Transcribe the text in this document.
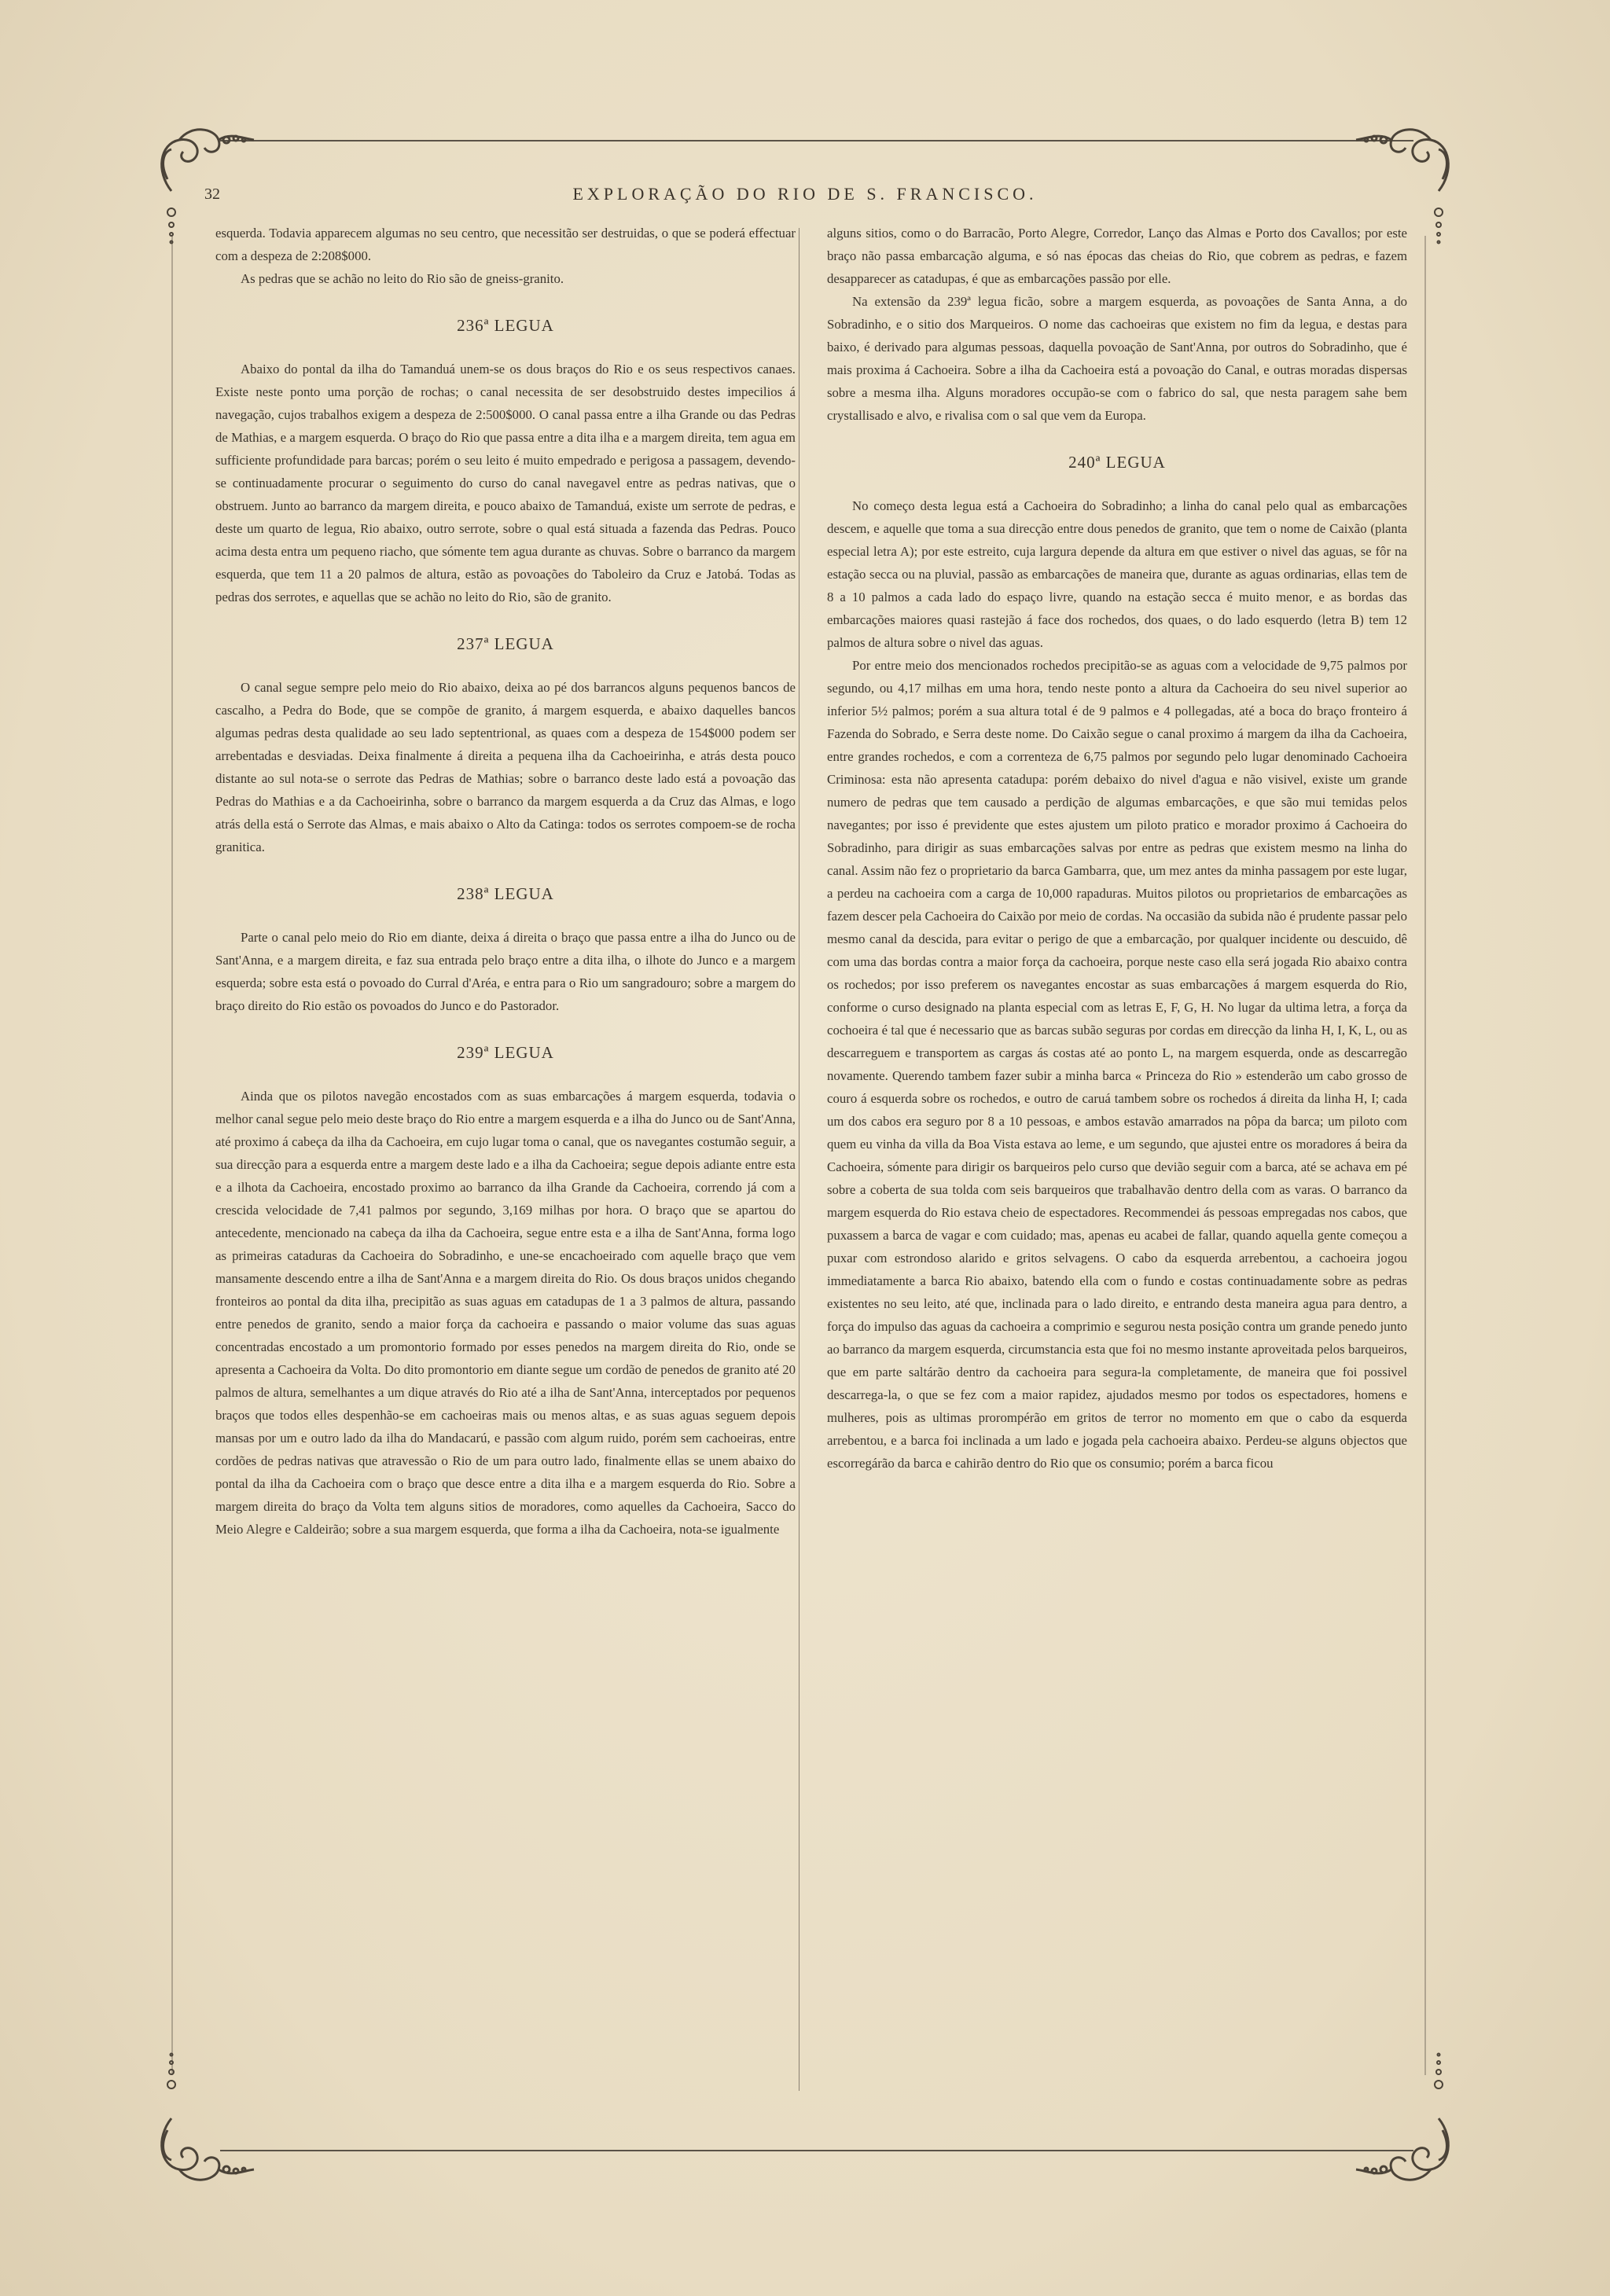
32	EXPLORAÇÃO DO RIO DE S. FRANCISCO.

esquerda. Todavia apparecem algumas no seu centro, que necessitão ser destruidas, o que se poderá effectuar com a despeza de 2:208$000.

As pedras que se achão no leito do Rio são de gneiss-granito.

236ª LEGUA

Abaixo do pontal da ilha do Tamanduá unem-se os dous braços do Rio e os seus respectivos canaes. Existe neste ponto uma porção de rochas; o canal necessita de ser desobstruido destes impecilios á navegação, cujos trabalhos exigem a despeza de 2:500$000. O canal passa entre a ilha Grande ou das Pedras de Mathias, e a margem esquerda. O braço do Rio que passa entre a dita ilha e a margem direita, tem agua em sufficiente profundidade para barcas; porém o seu leito é muito empedrado e perigosa a passagem, devendo-se continuadamente procurar o seguimento do curso do canal navegavel entre as pedras nativas, que o obstruem. Junto ao barranco da margem direita, e pouco abaixo de Tamanduá, existe um serrote de pedras, e deste um quarto de legua, Rio abaixo, outro serrote, sobre o qual está situada a fazenda das Pedras. Pouco acima desta entra um pequeno riacho, que sómente tem agua durante as chuvas. Sobre o barranco da margem esquerda, que tem 11 a 20 palmos de altura, estão as povoações do Taboleiro da Cruz e Jatobá. Todas as pedras dos serrotes, e aquellas que se achão no leito do Rio, são de granito.

237ª LEGUA

O canal segue sempre pelo meio do Rio abaixo, deixa ao pé dos barrancos alguns pequenos bancos de cascalho, a Pedra do Bode, que se compõe de granito, á margem esquerda, e abaixo daquelles bancos algumas pedras desta qualidade ao seu lado septentrional, as quaes com a despeza de 154$000 podem ser arrebentadas e desviadas. Deixa finalmente á direita a pequena ilha da Cachoeirinha, e atrás desta pouco distante ao sul nota-se o serrote das Pedras de Mathias; sobre o barranco deste lado está a povoação das Pedras do Mathias e a da Cachoeirinha, sobre o barranco da margem esquerda a da Cruz das Almas, e logo atrás della está o Serrote das Almas, e mais abaixo o Alto da Catinga: todos os serrotes compoem-se de rocha granitica.

238ª LEGUA

Parte o canal pelo meio do Rio em diante, deixa á direita o braço que passa entre a ilha do Junco ou de Sant'Anna, e a margem direita, e faz sua entrada pelo braço entre a dita ilha, o ilhote do Junco e a margem esquerda; sobre esta está o povoado do Curral d'Aréa, e entra para o Rio um sangradouro; sobre a margem do braço direito do Rio estão os povoados do Junco e do Pastorador.

239ª LEGUA

Ainda que os pilotos navegão encostados com as suas embarcações á margem esquerda, todavia o melhor canal segue pelo meio deste braço do Rio entre a margem esquerda e a ilha do Junco ou de Sant'Anna, até proximo á cabeça da ilha da Cachoeira, em cujo lugar toma o canal, que os navegantes costumão seguir, a sua direcção para a esquerda entre a margem deste lado e a ilha da Cachoeira; segue depois adiante entre esta e a ilhota da Cachoeira, encostado proximo ao barranco da ilha Grande da Cachoeira, correndo já com a crescida velocidade de 7,41 palmos por segundo, 3,169 milhas por hora. O braço que se apartou do antecedente, mencionado na cabeça da ilha da Cachoeira, segue entre esta e a ilha de Sant'Anna, forma logo as primeiras cataduras da Cachoeira do Sobradinho, e une-se encachoeirado com aquelle braço que vem mansamente descendo entre a ilha de Sant'Anna e a margem direita do Rio. Os dous braços unidos chegando fronteiros ao pontal da dita ilha, precipitão as suas aguas em catadupas de 1 a 3 palmos de altura, passando entre penedos de granito, sendo a maior força da cachoeira e passando o maior volume das suas aguas concentradas encostado a um promontorio formado por esses penedos na margem direita do Rio, onde se apresenta a Cachoeira da Volta. Do dito promontorio em diante segue um cordão de penedos de granito até 20 palmos de altura, semelhantes a um dique através do Rio até a ilha de Sant'Anna, interceptados por pequenos braços que todos elles despenhão-se em cachoeiras mais ou menos altas, e as suas aguas seguem depois mansas por um e outro lado da ilha do Mandacarú, e passão com algum ruido, porém sem cachoeiras, entre cordões de pedras nativas que atravessão o Rio de um para outro lado, finalmente ellas se unem abaixo do pontal da ilha da Cachoeira com o braço que desce entre a dita ilha e a margem esquerda do Rio. Sobre a margem direita do braço da Volta tem alguns sitios de moradores, como aquelles da Cachoeira, Sacco do Meio Alegre e Caldeirão; sobre a sua margem esquerda, que forma a ilha da Cachoeira, nota-se igualmente

alguns sitios, como o do Barracão, Porto Alegre, Corredor, Lanço das Almas e Porto dos Cavallos; por este braço não passa embarcação alguma, e só nas épocas das cheias do Rio, que cobrem as pedras, e fazem desapparecer as catadupas, é que as embarcações passão por elle.

Na extensão da 239ª legua ficão, sobre a margem esquerda, as povoações de Santa Anna, a do Sobradinho, e o sitio dos Marqueiros. O nome das cachoeiras que existem no fim da legua, e destas para baixo, é derivado para algumas pessoas, daquella povoação de Sant'Anna, por outros do Sobradinho, que é mais proxima á Cachoeira. Sobre a ilha da Cachoeira está a povoação do Canal, e outras moradas dispersas sobre a mesma ilha. Alguns moradores occupão-se com o fabrico do sal, que nesta paragem sahe bem crystallisado e alvo, e rivalisa com o sal que vem da Europa.

240ª LEGUA

No começo desta legua está a Cachoeira do Sobradinho; a linha do canal pelo qual as embarcações descem, e aquelle que toma a sua direcção entre dous penedos de granito, que tem o nome de Caixão (planta especial letra A); por este estreito, cuja largura depende da altura em que estiver o nivel das aguas, se fôr na estação secca ou na pluvial, passão as embarcações de maneira que, durante as aguas ordinarias, ellas tem de 8 a 10 palmos a cada lado do espaço livre, quando na estação secca é muito menor, e as bordas das embarcações maiores quasi rastejão á face dos rochedos, dos quaes, o do lado esquerdo (letra B) tem 12 palmos de altura sobre o nivel das aguas.

Por entre meio dos mencionados rochedos precipitão-se as aguas com a velocidade de 9,75 palmos por segundo, ou 4,17 milhas em uma hora, tendo neste ponto a altura da Cachoeira do seu nivel superior ao inferior 5½ palmos; porém a sua altura total é de 9 palmos e 4 pollegadas, até a boca do braço fronteiro á Fazenda do Sobrado, e Serra deste nome. Do Caixão segue o canal proximo á margem da ilha da Cachoeira, entre grandes rochedos, e com a correnteza de 6,75 palmos por segundo pelo lugar denominado Cachoeira Criminosa: esta não apresenta catadupa: porém debaixo do nivel d'agua e não visivel, existe um grande numero de pedras que tem causado a perdição de algumas embarcações, e que são mui temidas pelos navegantes; por isso é previdente que estes ajustem um piloto pratico e morador proximo á Cachoeira do Sobradinho, para dirigir as suas embarcações salvas por entre as pedras que existem mesmo na linha do canal. Assim não fez o proprietario da barca Gambarra, que, um mez antes da minha passagem por este lugar, a perdeu na cachoeira com a carga de 10,000 rapaduras. Muitos pilotos ou proprietarios de embarcações as fazem descer pela Cachoeira do Caixão por meio de cordas. Na occasião da subida não é prudente passar pelo mesmo canal da descida, para evitar o perigo de que a embarcação, por qualquer incidente ou descuido, dê com uma das bordas contra a maior força da cachoeira, porque neste caso ella será jogada Rio abaixo contra os rochedos; por isso preferem os navegantes encostar as suas embarcações á margem esquerda do Rio, conforme o curso designado na planta especial com as letras E, F, G, H. No lugar da ultima letra, a força da cochoeira é tal que é necessario que as barcas subão seguras por cordas em direcção da linha H, I, K, L, ou as descarreguem e transportem as cargas ás costas até ao ponto L, na margem esquerda, onde as descarregão novamente. Querendo tambem fazer subir a minha barca « Princeza do Rio » estenderão um cabo grosso de couro á esquerda sobre os rochedos, e outro de caruá tambem sobre os rochedos á direita da linha H, I; cada um dos cabos era seguro por 8 a 10 pessoas, e ambos estavão amarrados na pôpa da barca; um piloto com quem eu vinha da villa da Boa Vista estava ao leme, e um segundo, que ajustei entre os moradores á beira da Cachoeira, sómente para dirigir os barqueiros pelo curso que devião seguir com a barca, até se achava em pé sobre a coberta de sua tolda com seis barqueiros que trabalhavão dentro della com as varas. O barranco da margem esquerda do Rio estava cheio de espectadores. Recommendei ás pessoas empregadas nos cabos, que puxassem a barca de vagar e com cuidado; mas, apenas eu acabei de fallar, quando aquella gente começou a puxar com estrondoso alarido e gritos selvagens. O cabo da esquerda arrebentou, a cachoeira jogou immediatamente a barca Rio abaixo, batendo ella com o fundo e costas continuadamente sobre as pedras existentes no seu leito, até que, inclinada para o lado direito, e entrando desta maneira agua para dentro, a força do impulso das aguas da cachoeira a comprimio e segurou nesta posição contra um grande penedo junto ao barranco da margem esquerda, circumstancia esta que foi no mesmo instante aproveitada pelos barqueiros, que em parte saltárão dentro da cachoeira para segura-la completamente, de maneira que foi possivel descarrega-la, o que se fez com a maior rapidez, ajudados mesmo por todos os espectadores, homens e mulheres, pois as ultimas prorompérão em gritos de terror no momento em que o cabo da esquerda arrebentou, e a barca foi inclinada a um lado e jogada pela cachoeira abaixo. Perdeu-se alguns objectos que escorregárão da barca e cahirão dentro do Rio que os consumio; porém a barca ficou
